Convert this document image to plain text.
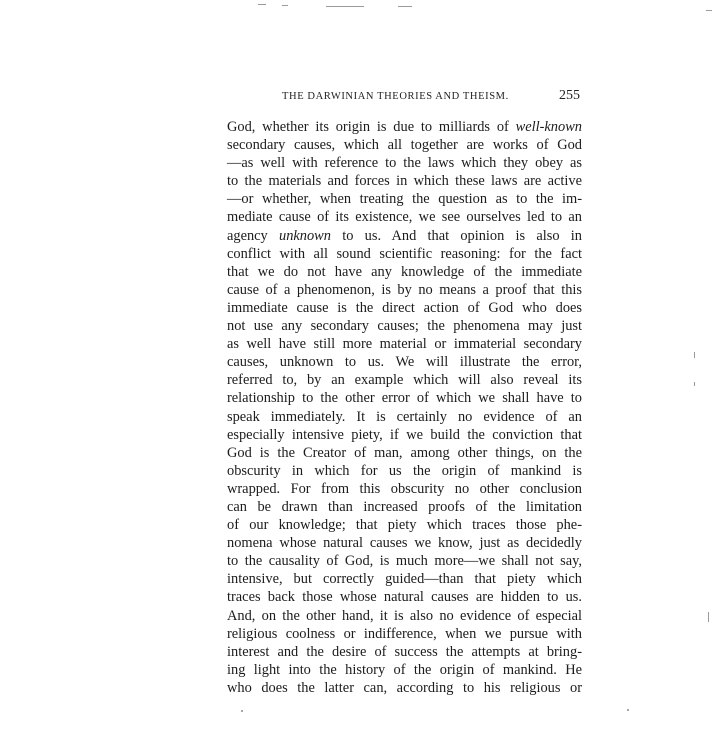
THE DARWINIAN THEORIES AND THEISM.	255
God, whether its origin is due to milliards of well-known
secondary causes, which all together are works of God
—as well with reference to the laws which they obey as
to the materials and forces in which these laws are active
—or whether, when treating the question as to the im-
mediate cause of its existence, we see ourselves led to an
agency unknown to us. And that opinion is also in
conflict with all sound scientific reasoning: for the fact
that we do not have any knowledge of the immediate
cause of a phenomenon, is by no means a proof that this
immediate cause is the direct action of God who does
not use any secondary causes; the phenomena may just
as well have still more material or immaterial secondary
causes, unknown to us. We will illustrate the error,
referred to, by an example which will also reveal its
relationship to the other error of which we shall have to
speak immediately. It is certainly no evidence of an
especially intensive piety, if we build the conviction that
God is the Creator of man, among other things, on the
obscurity in which for us the origin of mankind is
wrapped. For from this obscurity no other conclusion
can be drawn than increased proofs of the limitation
of our knowledge; that piety which traces those phe-
nomena whose natural causes we know, just as decidedly
to the causality of God, is much more—we shall not say,
intensive, but correctly guided—than that piety which
traces back those whose natural causes are hidden to us.
And, on the other hand, it is also no evidence of especial
religious coolness or indifference, when we pursue with
interest and the desire of success the attempts at bring-
ing light into the history of the origin of mankind. He
who does the latter can, according to his religious or
